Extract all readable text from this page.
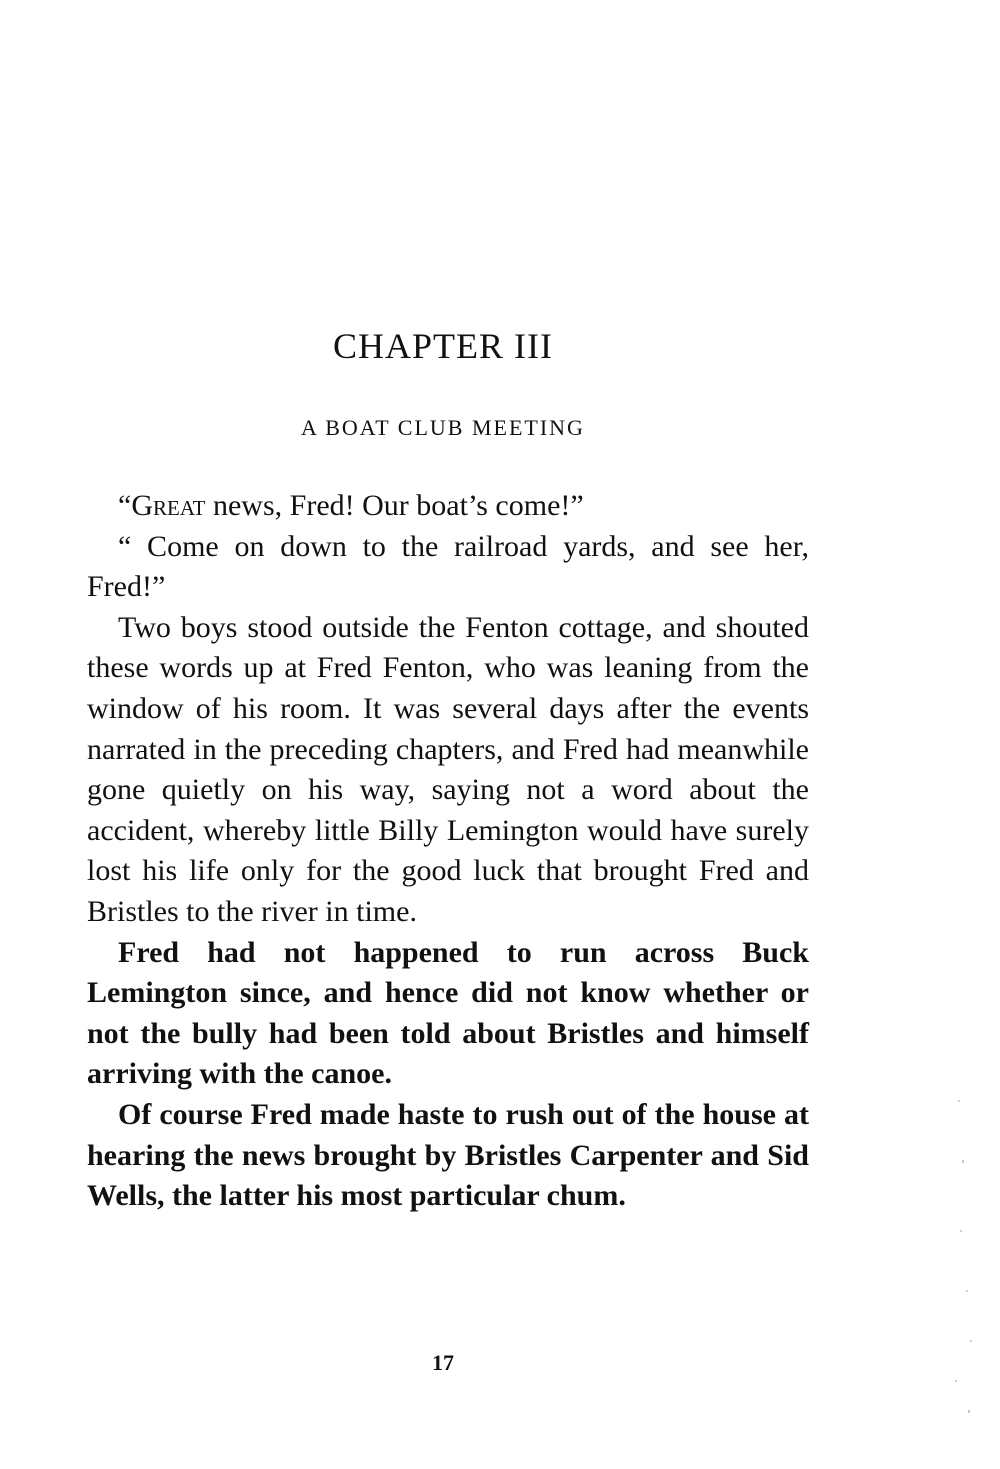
CHAPTER III
A BOAT CLUB MEETING

“Great news, Fred! Our boat’s come!”

“ Come on down to the railroad yards, and see her, Fred!”

Two boys stood outside the Fenton cottage, and shouted these words up at Fred Fenton, who was leaning from the window of his room. It was several days after the events narrated in the preceding chapters, and Fred had meanwhile gone quietly on his way, saying not a word about the accident, whereby little Billy Lemington would have surely lost his life only for the good luck that brought Fred and Bristles to the river in time.

Fred had not happened to run across Buck Lemington since, and hence did not know whether or not the bully had been told about Bristles and himself arriving with the canoe.

Of course Fred made haste to rush out of the house at hearing the news brought by Bristles Carpenter and Sid Wells, the latter his most particular chum.

17
